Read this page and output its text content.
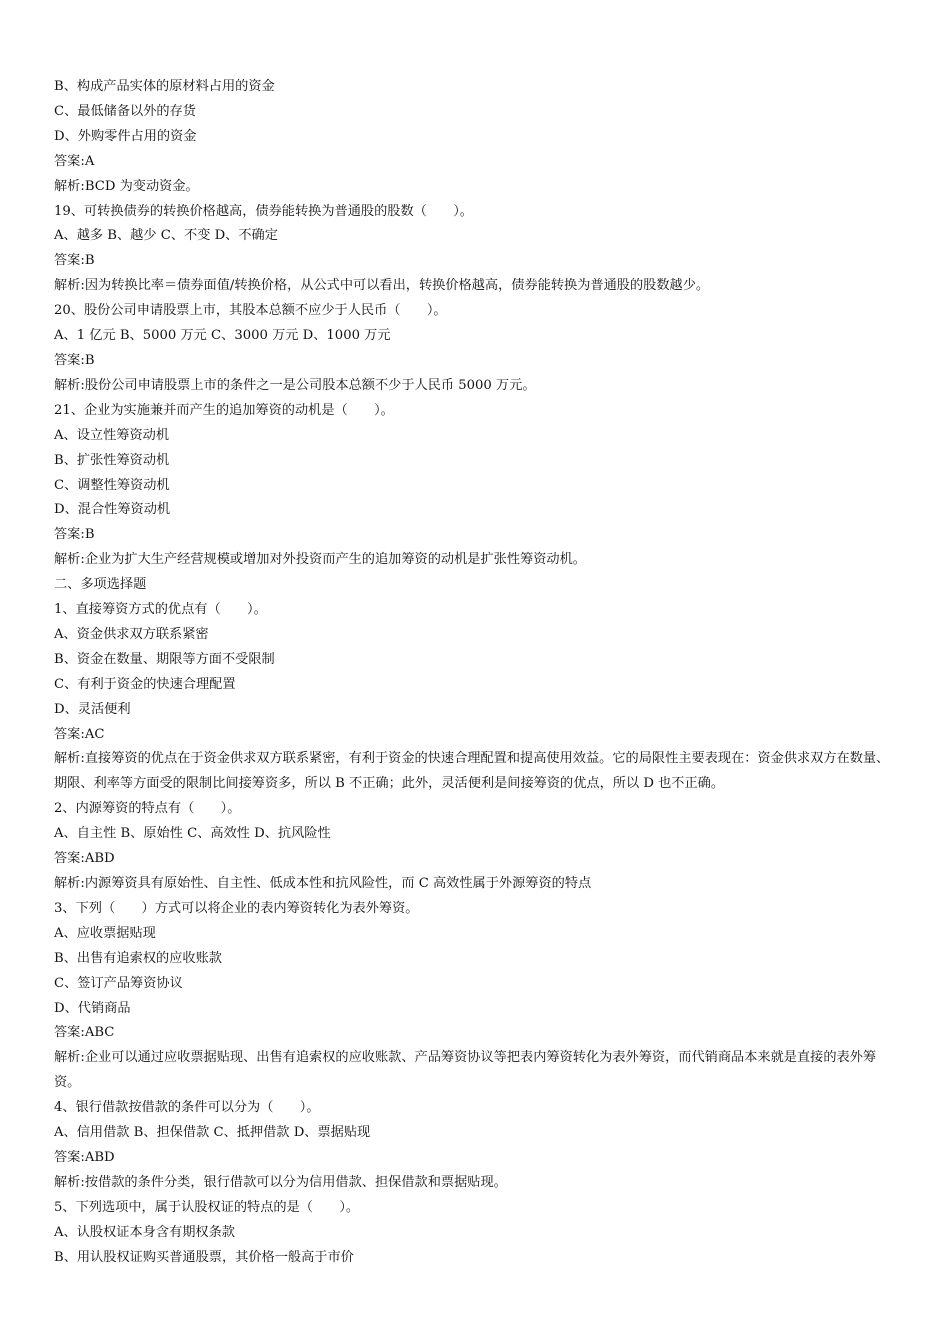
B、构成产品实体的原材料占用的资金

C、最低储备以外的存货

D、外购零件占用的资金

答案:A

解析:BCD 为变动资金。

19、可转换债券的转换价格越高，债券能转换为普通股的股数（　　）。

A、越多 B、越少 C、不变 D、不确定

答案:B

解析:因为转换比率＝债券面值/转换价格，从公式中可以看出，转换价格越高，债券能转换为普通股的股数越少。

20、股份公司申请股票上市，其股本总额不应少于人民币（　　）。

A、1 亿元 B、5000 万元 C、3000 万元 D、1000 万元

答案:B

解析:股份公司申请股票上市的条件之一是公司股本总额不少于人民币 5000 万元。

21、企业为实施兼并而产生的追加筹资的动机是（　　）。

A、设立性筹资动机

B、扩张性筹资动机

C、调整性筹资动机

D、混合性筹资动机

答案:B

解析:企业为扩大生产经营规模或增加对外投资而产生的追加筹资的动机是扩张性筹资动机。

二、多项选择题

1、直接筹资方式的优点有（　　）。

A、资金供求双方联系紧密

B、资金在数量、期限等方面不受限制

C、有利于资金的快速合理配置

D、灵活便利

答案:AC

解析:直接筹资的优点在于资金供求双方联系紧密，有利于资金的快速合理配置和提高使用效益。它的局限性主要表现在：资金供求双方在数量、期限、利率等方面受的限制比间接筹资多，所以 B 不正确；此外，灵活便利是间接筹资的优点，所以 D 也不正确。

2、内源筹资的特点有（　　）。

A、自主性 B、原始性 C、高效性 D、抗风险性

答案:ABD

解析:内源筹资具有原始性、自主性、低成本性和抗风险性，而 C 高效性属于外源筹资的特点

3、下列（　　）方式可以将企业的表内筹资转化为表外筹资。

A、应收票据贴现

B、出售有追索权的应收账款

C、签订产品筹资协议

D、代销商品

答案:ABC

解析:企业可以通过应收票据贴现、出售有追索权的应收账款、产品筹资协议等把表内筹资转化为表外筹资，而代销商品本来就是直接的表外筹资。

4、银行借款按借款的条件可以分为（　　）。

A、信用借款 B、担保借款 C、抵押借款 D、票据贴现

答案:ABD

解析:按借款的条件分类，银行借款可以分为信用借款、担保借款和票据贴现。

5、下列选项中，属于认股权证的特点的是（　　）。

A、认股权证本身含有期权条款

B、用认股权证购买普通股票，其价格一般高于市价
